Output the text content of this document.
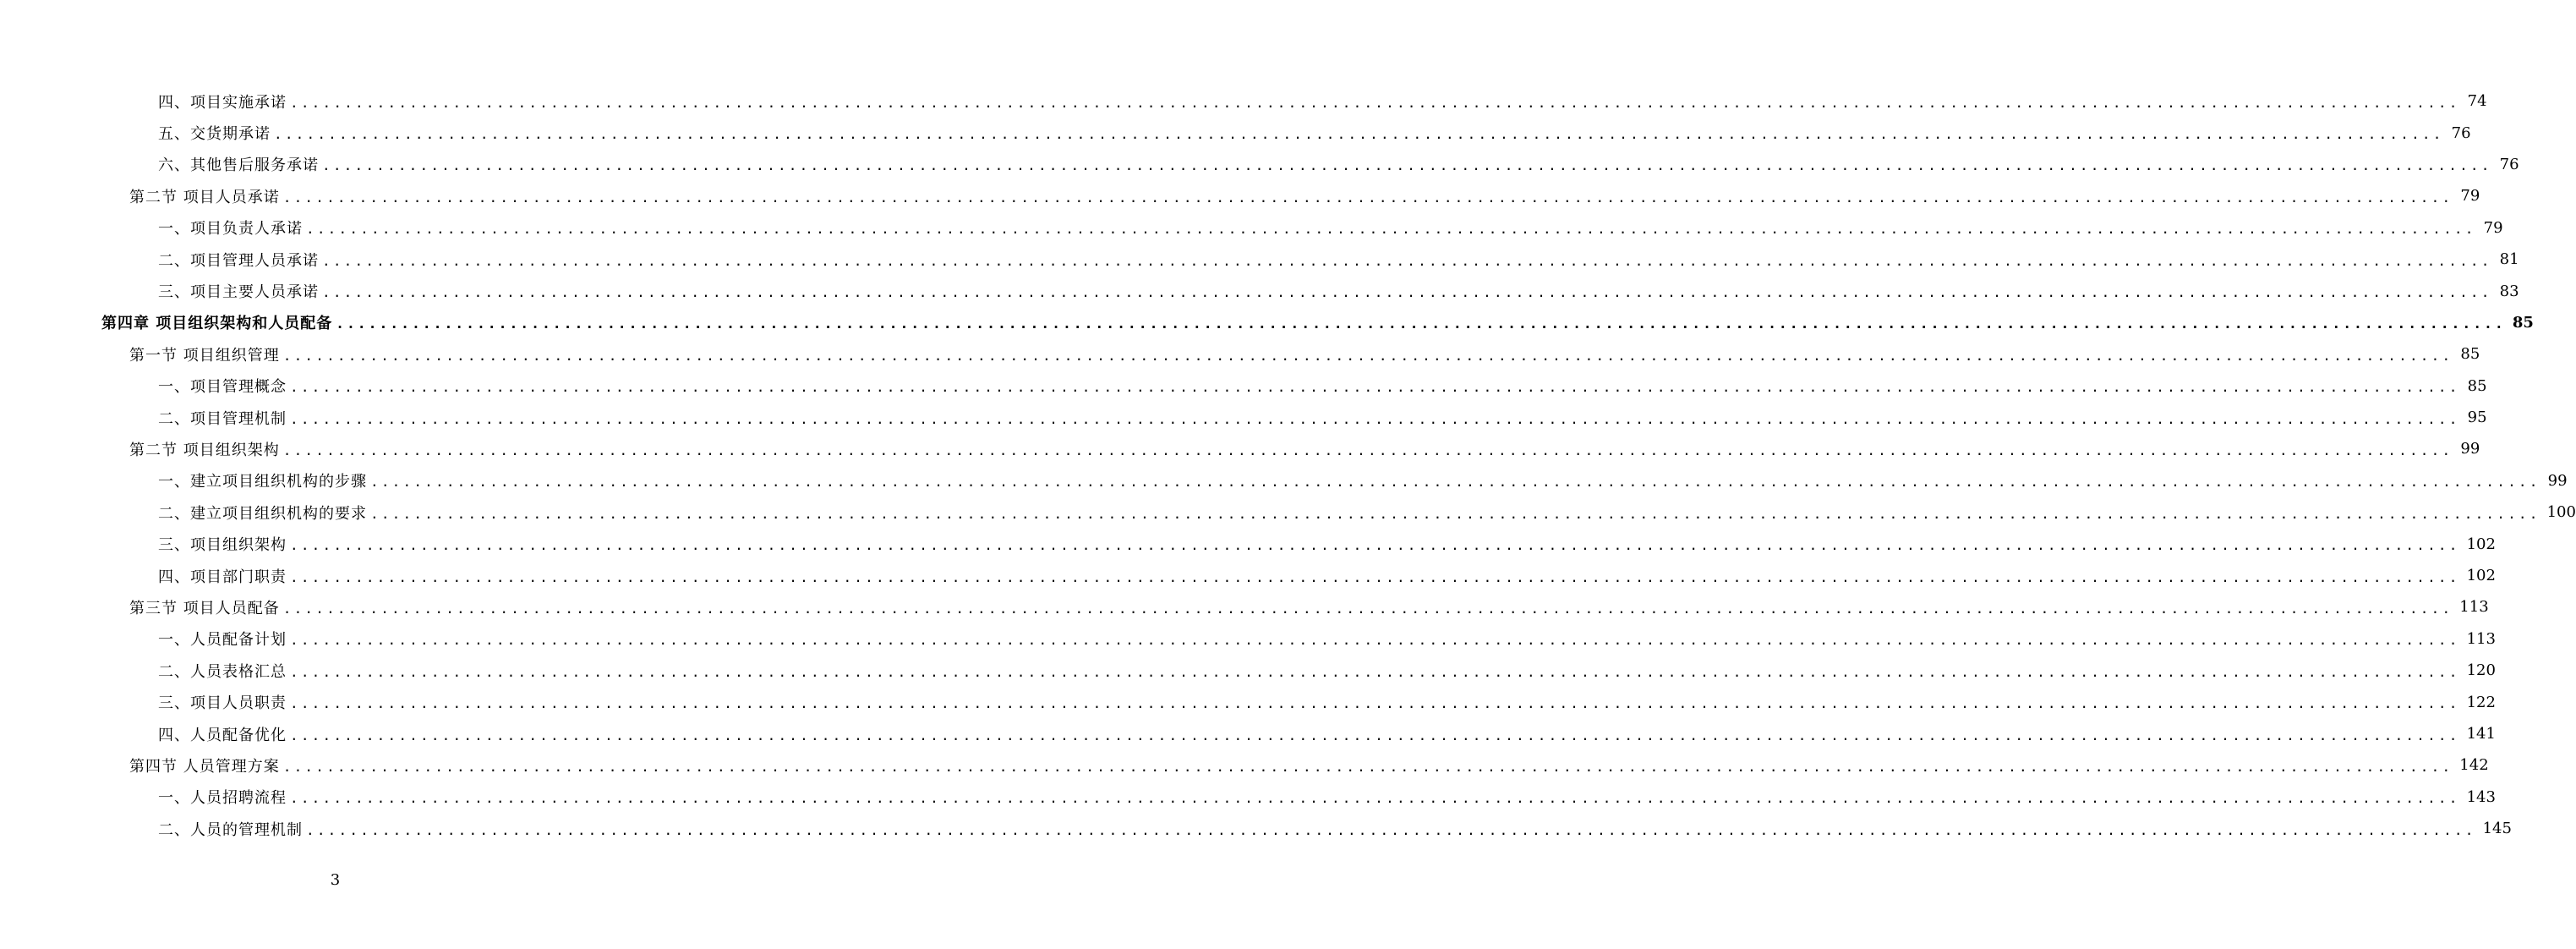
四、项目实施承诺 ........................................................................................................................................................................................................ 74
五、交货期承诺 ........................................................................................................................................................................................................ 76
六、其他售后服务承诺 ........................................................................................................................................................................................................ 76
第二节 项目人员承诺 ........................................................................................................................................................................................................ 79
一、项目负责人承诺 ........................................................................................................................................................................................................ 79
二、项目管理人员承诺 ........................................................................................................................................................................................................ 81
三、项目主要人员承诺 ........................................................................................................................................................................................................ 83
第四章 项目组织架构和人员配备 ........................................................................................................................................................................................................ 85
第一节 项目组织管理 ........................................................................................................................................................................................................ 85
一、项目管理概念 ........................................................................................................................................................................................................ 85
二、项目管理机制 ........................................................................................................................................................................................................ 95
第二节 项目组织架构 ........................................................................................................................................................................................................ 99
一、建立项目组织机构的步骤 ........................................................................................................................................................................................................ 99
二、建立项目组织机构的要求 ........................................................................................................................................................................................................ 100
三、项目组织架构 ........................................................................................................................................................................................................ 102
四、项目部门职责 ........................................................................................................................................................................................................ 102
第三节 项目人员配备 ........................................................................................................................................................................................................ 113
一、人员配备计划 ........................................................................................................................................................................................................ 113
二、人员表格汇总 ........................................................................................................................................................................................................ 120
三、项目人员职责 ........................................................................................................................................................................................................ 122
四、人员配备优化 ........................................................................................................................................................................................................ 141
第四节 人员管理方案 ........................................................................................................................................................................................................ 142
一、人员招聘流程 ........................................................................................................................................................................................................ 143
二、人员的管理机制 ........................................................................................................................................................................................................ 145
3
